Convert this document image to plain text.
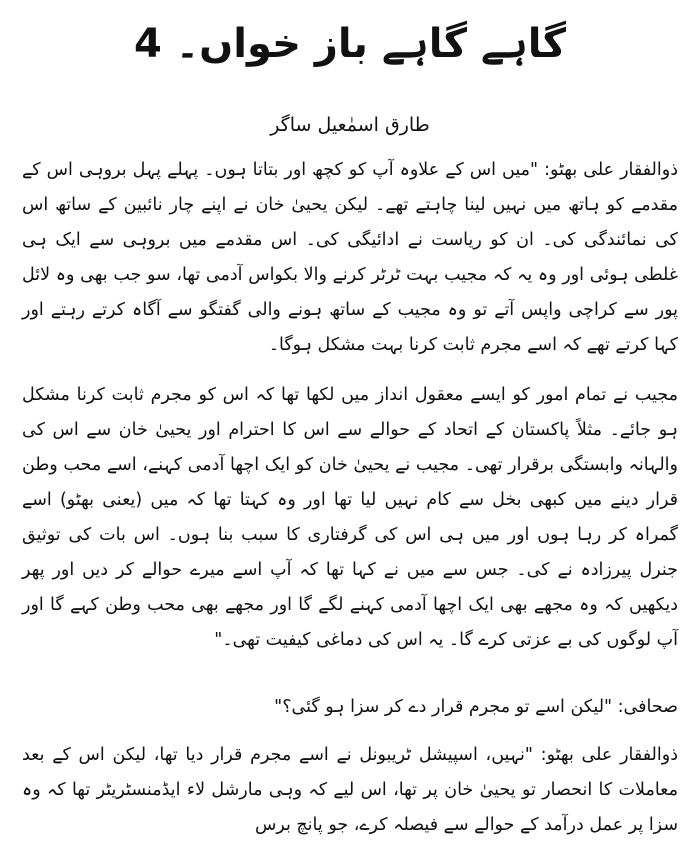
گاہے گاہے باز خواں۔ 4
طارق اسمٰعیل ساگر

ذوالفقار علی بھٹو: "میں اس کے علاوہ آپ کو کچھ اور بتاتا ہوں۔ پہلے پہل بروہی اس کے مقدمے کو ہاتھ میں نہیں لینا چاہتے تھے۔ لیکن یحییٰ خان نے اپنے چار نائبین کے ساتھ اس کی نمائندگی کی۔ ان کو ریاست نے ادائیگی کی۔ اس مقدمے میں بروہی سے ایک ہی غلطی ہوئی اور وہ یہ کہ مجیب بہت ٹرٹر کرنے والا بکواس آدمی تھا، سو جب بھی وہ لائل پور سے کراچی واپس آتے تو وہ مجیب کے ساتھ ہونے والی گفتگو سے آگاہ کرتے رہتے اور کہا کرتے تھے کہ اسے مجرم ثابت کرنا بہت مشکل ہوگا۔

مجیب نے تمام امور کو ایسے معقول انداز میں لکھا تھا کہ اس کو مجرم ثابت کرنا مشکل ہو جائے۔ مثلاً پاکستان کے اتحاد کے حوالے سے اس کا احترام اور یحییٰ خان سے اس کی والہانہ وابستگی برقرار تھی۔ مجیب نے یحییٰ خان کو ایک اچھا آدمی کہنے، اسے محب وطن قرار دینے میں کبھی بخل سے کام نہیں لیا تھا اور وہ کہتا تھا کہ میں (یعنی بھٹو) اسے گمراہ کر رہا ہوں اور میں ہی اس کی گرفتاری کا سبب بنا ہوں۔ اس بات کی توثیق جنرل پیرزادہ نے کی۔ جس سے میں نے کہا تھا کہ آپ اسے میرے حوالے کر دیں اور پھر دیکھیں کہ وہ مجھے بھی ایک اچھا آدمی کہنے لگے گا اور مجھے بھی محب وطن کہے گا اور آپ لوگوں کی بے عزتی کرے گا۔ یہ اس کی دماغی کیفیت تھی۔"

صحافی: "لیکن اسے تو مجرم قرار دے کر سزا ہو گئی؟"

ذوالفقار علی بھٹو: "نہیں، اسپیشل ٹریبونل نے اسے مجرم قرار دیا تھا، لیکن اس کے بعد معاملات کا انحصار تو یحییٰ خان پر تھا، اس لیے کہ وہی مارشل لاء ایڈمنسٹریٹر تھا کہ وہ سزا پر عمل درآمد کے حوالے سے فیصلہ کرے، جو پانچ برس
